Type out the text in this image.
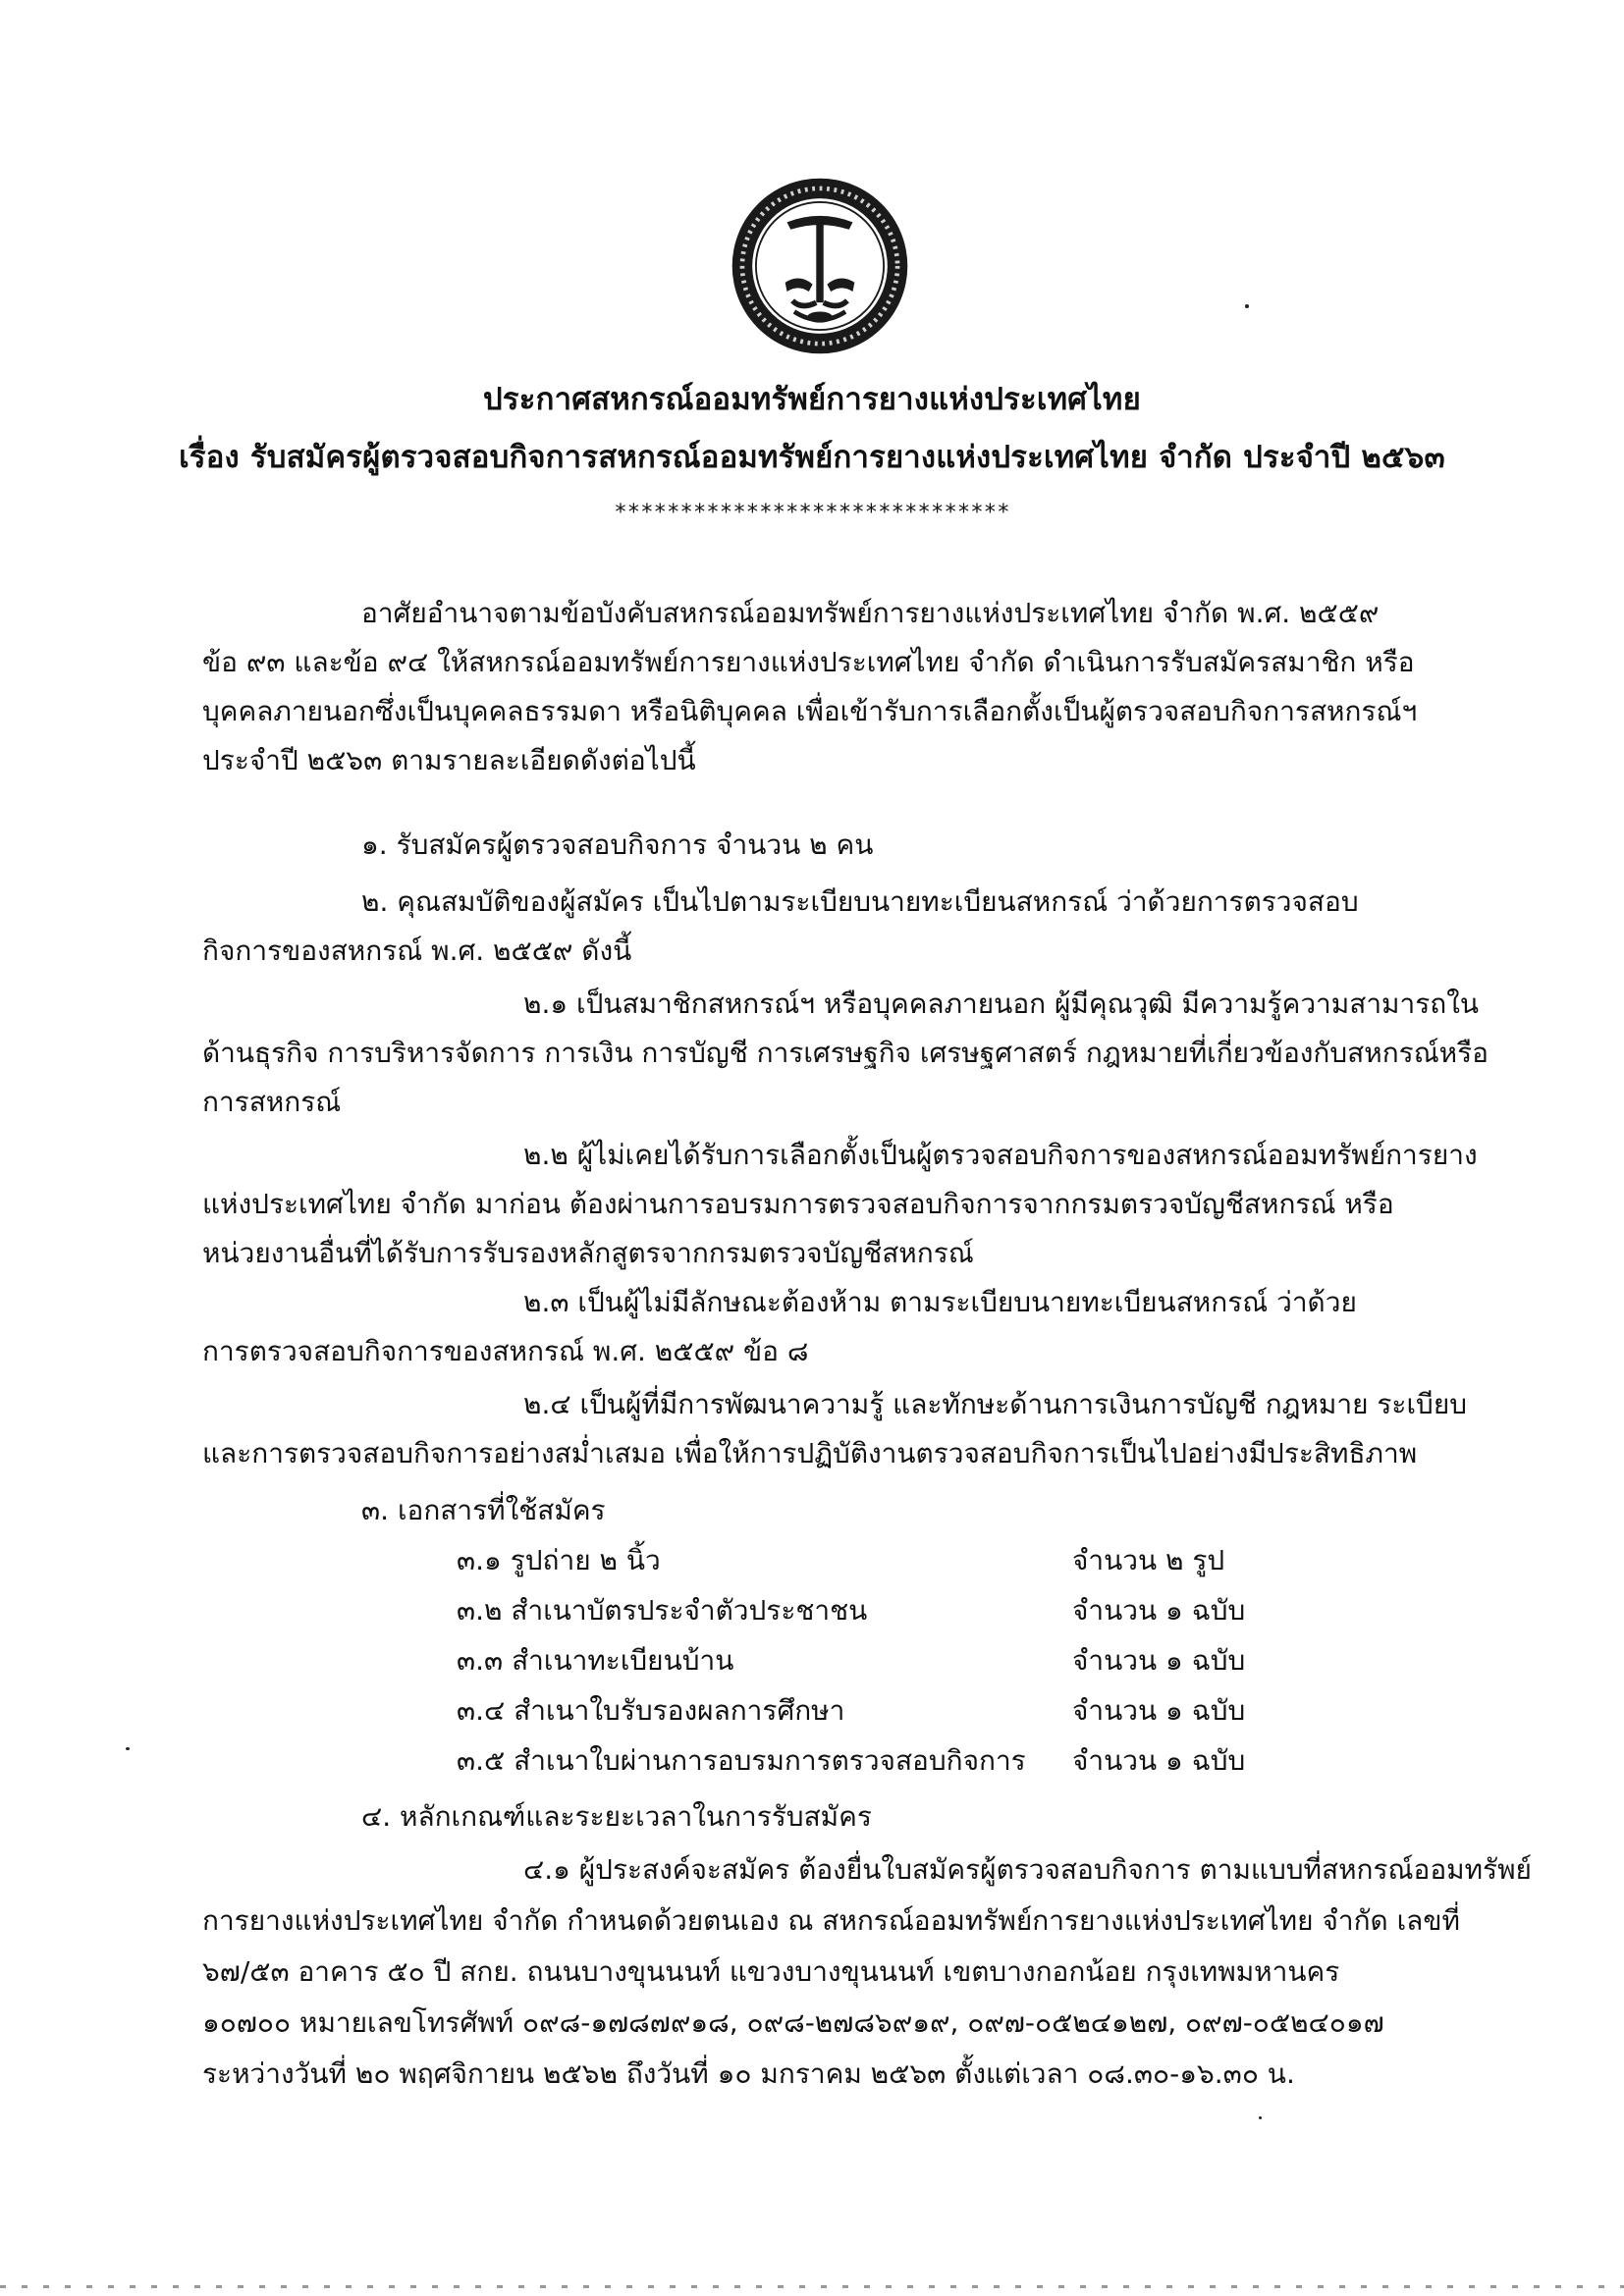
ประกาศสหกรณ์ออมทรัพย์การยางแห่งประเทศไทย
เรื่อง รับสมัครผู้ตรวจสอบกิจการสหกรณ์ออมทรัพย์การยางแห่งประเทศไทย จำกัด ประจำปี ๒๕๖๓
******************************
อาศัยอำนาจตามข้อบังคับสหกรณ์ออมทรัพย์การยางแห่งประเทศไทย จำกัด พ.ศ. ๒๕๕๙
ข้อ ๙๓ และข้อ ๙๔ ให้สหกรณ์ออมทรัพย์การยางแห่งประเทศไทย จำกัด ดำเนินการรับสมัครสมาชิก หรือ
บุคคลภายนอกซึ่งเป็นบุคคลธรรมดา หรือนิติบุคคล เพื่อเข้ารับการเลือกตั้งเป็นผู้ตรวจสอบกิจการสหกรณ์ฯ
ประจำปี ๒๕๖๓ ตามรายละเอียดดังต่อไปนี้
๑. รับสมัครผู้ตรวจสอบกิจการ จำนวน ๒ คน
๒. คุณสมบัติของผู้สมัคร เป็นไปตามระเบียบนายทะเบียนสหกรณ์ ว่าด้วยการตรวจสอบ
กิจการของสหกรณ์ พ.ศ. ๒๕๕๙ ดังนี้
๒.๑ เป็นสมาชิกสหกรณ์ฯ หรือบุคคลภายนอก ผู้มีคุณวุฒิ มีความรู้ความสามารถใน
ด้านธุรกิจ การบริหารจัดการ การเงิน การบัญชี การเศรษฐกิจ เศรษฐศาสตร์ กฎหมายที่เกี่ยวข้องกับสหกรณ์หรือ
การสหกรณ์
๒.๒ ผู้ไม่เคยได้รับการเลือกตั้งเป็นผู้ตรวจสอบกิจการของสหกรณ์ออมทรัพย์การยาง
แห่งประเทศไทย จำกัด มาก่อน ต้องผ่านการอบรมการตรวจสอบกิจการจากกรมตรวจบัญชีสหกรณ์ หรือ
หน่วยงานอื่นที่ได้รับการรับรองหลักสูตรจากกรมตรวจบัญชีสหกรณ์
๒.๓ เป็นผู้ไม่มีลักษณะต้องห้าม ตามระเบียบนายทะเบียนสหกรณ์ ว่าด้วย
การตรวจสอบกิจการของสหกรณ์ พ.ศ. ๒๕๕๙ ข้อ ๘
๒.๔ เป็นผู้ที่มีการพัฒนาความรู้ และทักษะด้านการเงินการบัญชี กฎหมาย ระเบียบ
และการตรวจสอบกิจการอย่างสม่ำเสมอ เพื่อให้การปฏิบัติงานตรวจสอบกิจการเป็นไปอย่างมีประสิทธิภาพ
๓. เอกสารที่ใช้สมัคร
๓.๑ รูปถ่าย ๒ นิ้ว	จำนวน ๒ รูป
๓.๒ สำเนาบัตรประจำตัวประชาชน	จำนวน ๑ ฉบับ
๓.๓ สำเนาทะเบียนบ้าน	จำนวน ๑ ฉบับ
๓.๔ สำเนาใบรับรองผลการศึกษา	จำนวน ๑ ฉบับ
๓.๕ สำเนาใบผ่านการอบรมการตรวจสอบกิจการ จำนวน ๑ ฉบับ
๔. หลักเกณฑ์และระยะเวลาในการรับสมัคร
๔.๑ ผู้ประสงค์จะสมัคร ต้องยื่นใบสมัครผู้ตรวจสอบกิจการ ตามแบบที่สหกรณ์ออมทรัพย์
การยางแห่งประเทศไทย จำกัด กำหนดด้วยตนเอง ณ สหกรณ์ออมทรัพย์การยางแห่งประเทศไทย จำกัด เลขที่
๖๗/๕๓ อาคาร ๕๐ ปี สกย. ถนนบางขุนนนท์ แขวงบางขุนนนท์ เขตบางกอกน้อย กรุงเทพมหานคร
๑๐๗๐๐ หมายเลขโทรศัพท์ ๐๙๘-๑๗๘๗๙๑๘, ๐๙๘-๒๗๘๖๙๑๙, ๐๙๗-๐๕๒๔๑๒๗, ๐๙๗-๐๕๒๔๐๑๗
ระหว่างวันที่ ๒๐ พฤศจิกายน ๒๕๖๒ ถึงวันที่ ๑๐ มกราคม ๒๕๖๓ ตั้งแต่เวลา ๐๘.๓๐-๑๖.๓๐ น.
